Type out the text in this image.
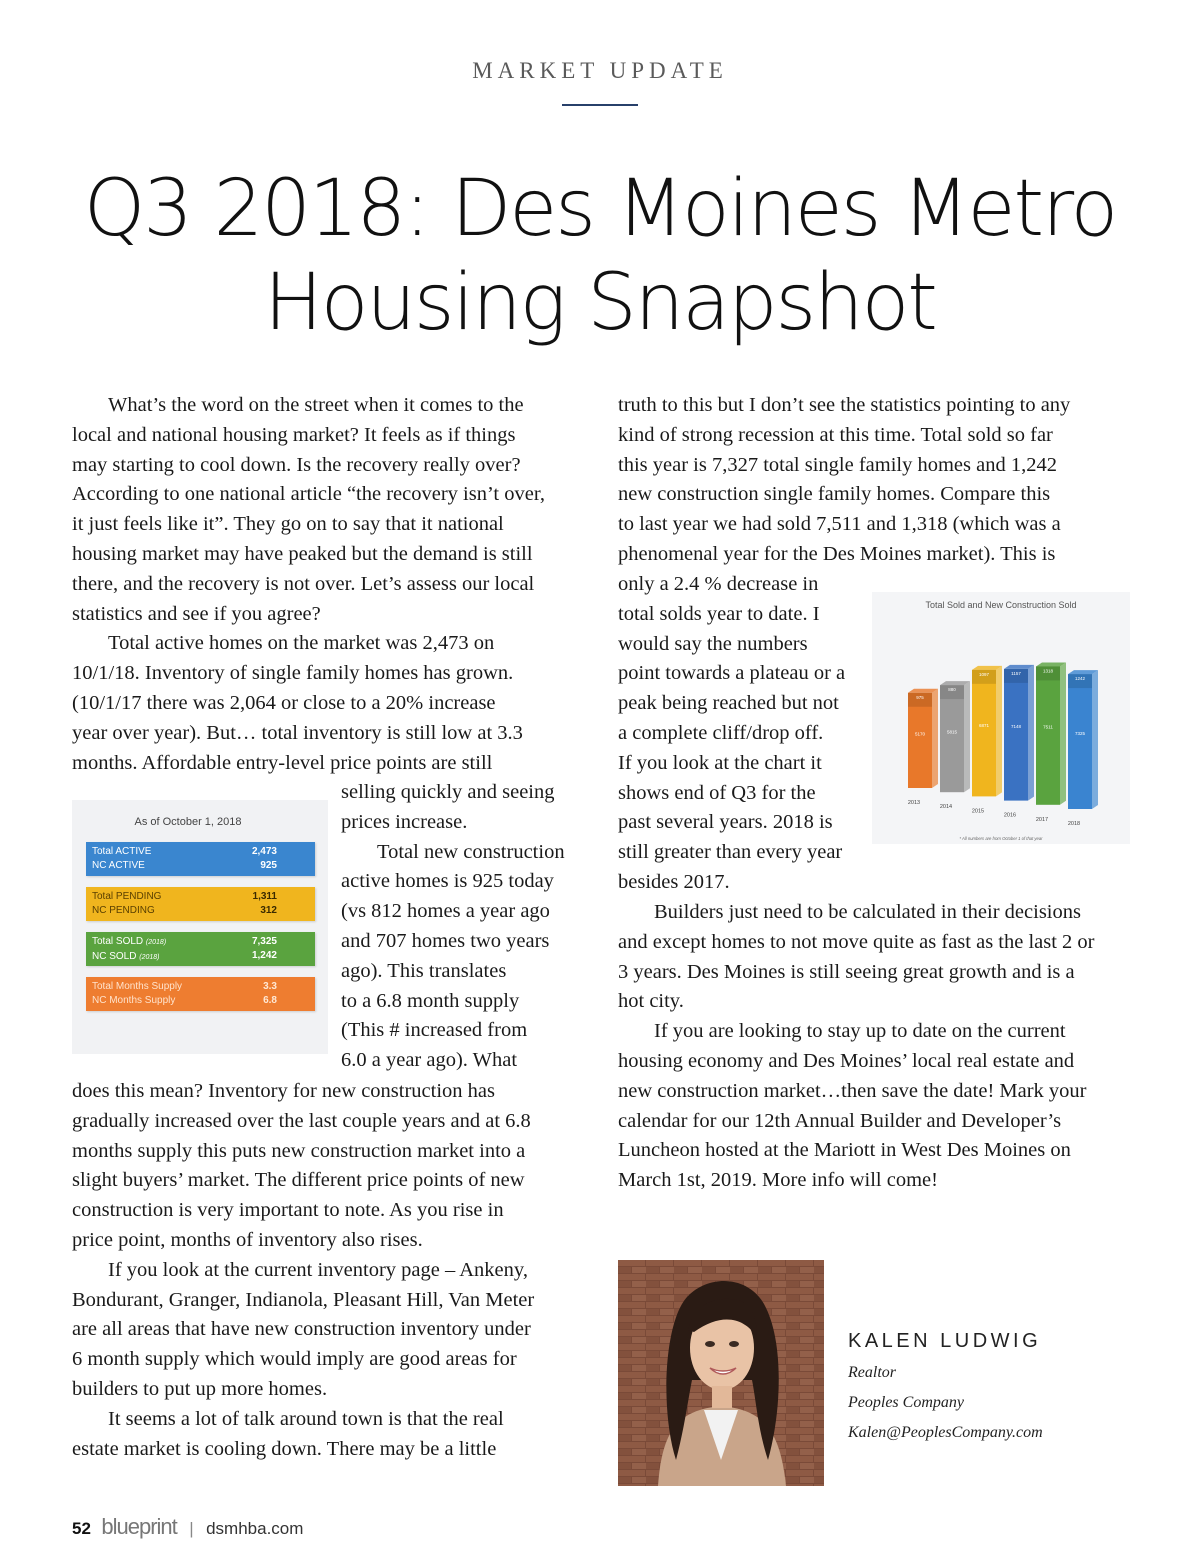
MARKET UPDATE
Q3 2018: Des Moines Metro
Housing Snapshot
What’s the word on the street when it comes to the
local and national housing market? It feels as if things
may starting to cool down. Is the recovery really over?
According to one national article “the recovery isn’t over,
it just feels like it”. They go on to say that it national
housing market may have peaked but the demand is still
there, and the recovery is not over. Let’s assess our local
statistics and see if you agree?
Total active homes on the market was 2,473 on
10/1/18. Inventory of single family homes has grown.
(10/1/17 there was 2,064 or close to a 20% increase
year over year). But… total inventory is still low at 3.3
months. Affordable entry-level price points are still
selling quickly and seeing
prices increase.
Total new construction
active homes is 925 today
(vs 812 homes a year ago
and 707 homes two years
ago). This translates
to a 6.8 month supply
(This # increased from
6.0 a year ago). What
does this mean? Inventory for new construction has
gradually increased over the last couple years and at 6.8
months supply this puts new construction market into a
slight buyers’ market. The different price points of new
construction is very important to note. As you rise in
price point, months of inventory also rises.
If you look at the current inventory page – Ankeny,
Bondurant, Granger, Indianola, Pleasant Hill, Van Meter
are all areas that have new construction inventory under
6 month supply which would imply are good areas for
builders to put up more homes.
It seems a lot of talk around town is that the real
estate market is cooling down. There may be a little
truth to this but I don’t see the statistics pointing to any
kind of strong recession at this time. Total sold so far
this year is 7,327 total single family homes and 1,242
new construction single family homes. Compare this
to last year we had sold 7,511 and 1,318 (which was a
phenomenal year for the Des Moines market). This is
only a 2.4 % decrease in
total solds year to date. I
would say the numbers
point towards a plateau or a
peak being reached but not
a complete cliff/drop off.
If you look at the chart it
shows end of Q3 for the
past several years. 2018 is
still greater than every year
besides 2017.
Builders just need to be calculated in their decisions
and except homes to not move quite as fast as the last 2 or
3 years. Des Moines is still seeing great growth and is a
hot city.
If you are looking to stay up to date on the current
housing economy and Des Moines’ local real estate and
new construction market…then save the date! Mark your
calendar for our 12th Annual Builder and Developer’s
Luncheon hosted at the Mariott in West Des Moines on
March 1st, 2019. More info will come!
As of October 1, 2018
Total ACTIVE
NC ACTIVE
2,473
925
Total PENDING
NC PENDING
1,311
312
Total SOLD (2018)
NC SOLD (2018)
7,325
1,242
Total Months Supply
NC Months Supply
3.3
6.8
Total Sold and New Construction Sold
975
5170
2013
880
5815
2014
1097
6871
2015
1157
7148
2016
1318
7511
2017
1242
7325
2018
* All numbers are from October 1 of that year
KALEN LUDWIG
Realtor
Peoples Company
Kalen@PeoplesCompany.com
52 blueprint | dsmhba.com
